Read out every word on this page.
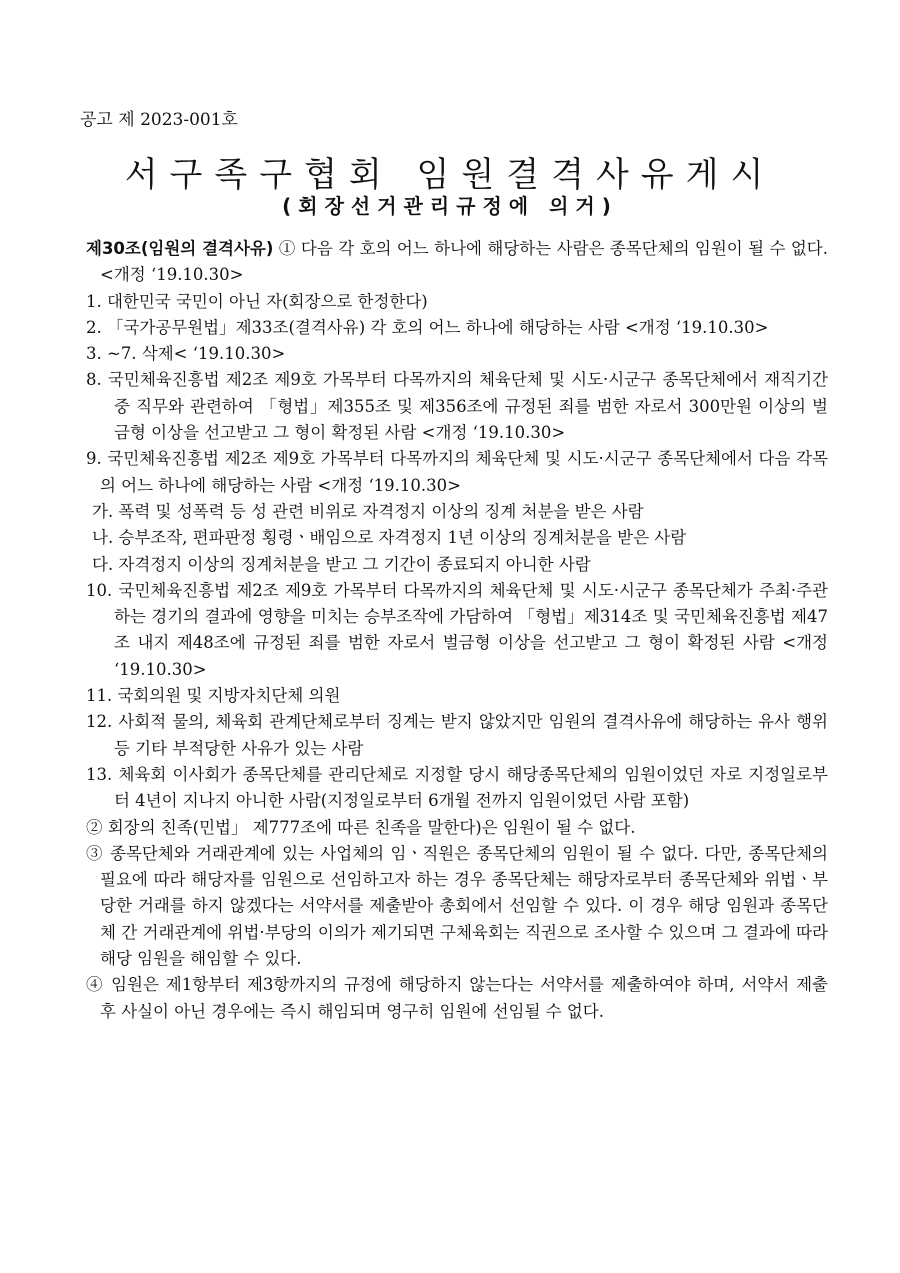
공고 제 2023-001호
서구족구협회 임원결격사유게시
(회장선거관리규정에 의거)

제30조(임원의 결격사유) ① 다음 각 호의 어느 하나에 해당하는 사람은 종목단체의 임원이 될 수 없다. <개정 ‘19.10.30>

1. 대한민국 국민이 아닌 자(회장으로 한정한다)

2. 「국가공무원법」제33조(결격사유) 각 호의 어느 하나에 해당하는 사람 <개정 ‘19.10.30>

3. ~7. 삭제< ‘19.10.30>

8. 국민체육진흥법 제2조 제9호 가목부터 다목까지의 체육단체 및 시도·시군구 종목단체에서 재직기간 중 직무와 관련하여 「형법」제355조 및 제356조에 규정된 죄를 범한 자로서 300만원 이상의 벌금형 이상을 선고받고 그 형이 확정된 사람 <개정 ‘19.10.30>

9. 국민체육진흥법 제2조 제9호 가목부터 다목까지의 체육단체 및 시도·시군구 종목단체에서 다음 각목의 어느 하나에 해당하는 사람 <개정 ‘19.10.30>

가. 폭력 및 성폭력 등 성 관련 비위로 자격정지 이상의 징계 처분을 받은 사람

나. 승부조작, 편파판정 횡령ㆍ배임으로 자격정지 1년 이상의 징계처분을 받은 사람

다. 자격정지 이상의 징계처분을 받고 그 기간이 종료되지 아니한 사람

10. 국민체육진흥법 제2조 제9호 가목부터 다목까지의 체육단체 및 시도·시군구 종목단체가 주최·주관하는 경기의 결과에 영향을 미치는 승부조작에 가담하여 「형법」제314조 및 국민체육진흥법 제47조 내지 제48조에 규정된 죄를 범한 자로서 벌금형 이상을 선고받고 그 형이 확정된 사람 <개정 ‘19.10.30>

11. 국회의원 및 지방자치단체 의원

12. 사회적 물의, 체육회 관계단체로부터 징계는 받지 않았지만 임원의 결격사유에 해당하는 유사 행위 등 기타 부적당한 사유가 있는 사람

13. 체육회 이사회가 종목단체를 관리단체로 지정할 당시 해당종목단체의 임원이었던 자로 지정일로부터 4년이 지나지 아니한 사람(지정일로부터 6개월 전까지 임원이었던 사람 포함)

② 회장의 친족(민법」 제777조에 따른 친족을 말한다)은 임원이 될 수 없다.

③ 종목단체와 거래관계에 있는 사업체의 임ㆍ직원은 종목단체의 임원이 될 수 없다. 다만, 종목단체의 필요에 따라 해당자를 임원으로 선임하고자 하는 경우 종목단체는 해당자로부터 종목단체와 위법ㆍ부당한 거래를 하지 않겠다는 서약서를 제출받아 총회에서 선임할 수 있다. 이 경우 해당 임원과 종목단체 간 거래관계에 위법·부당의 이의가 제기되면 구체육회는 직권으로 조사할 수 있으며 그 결과에 따라 해당 임원을 해임할 수 있다.

④ 임원은 제1항부터 제3항까지의 규정에 해당하지 않는다는 서약서를 제출하여야 하며, 서약서 제출 후 사실이 아닌 경우에는 즉시 해임되며 영구히 임원에 선임될 수 없다.
